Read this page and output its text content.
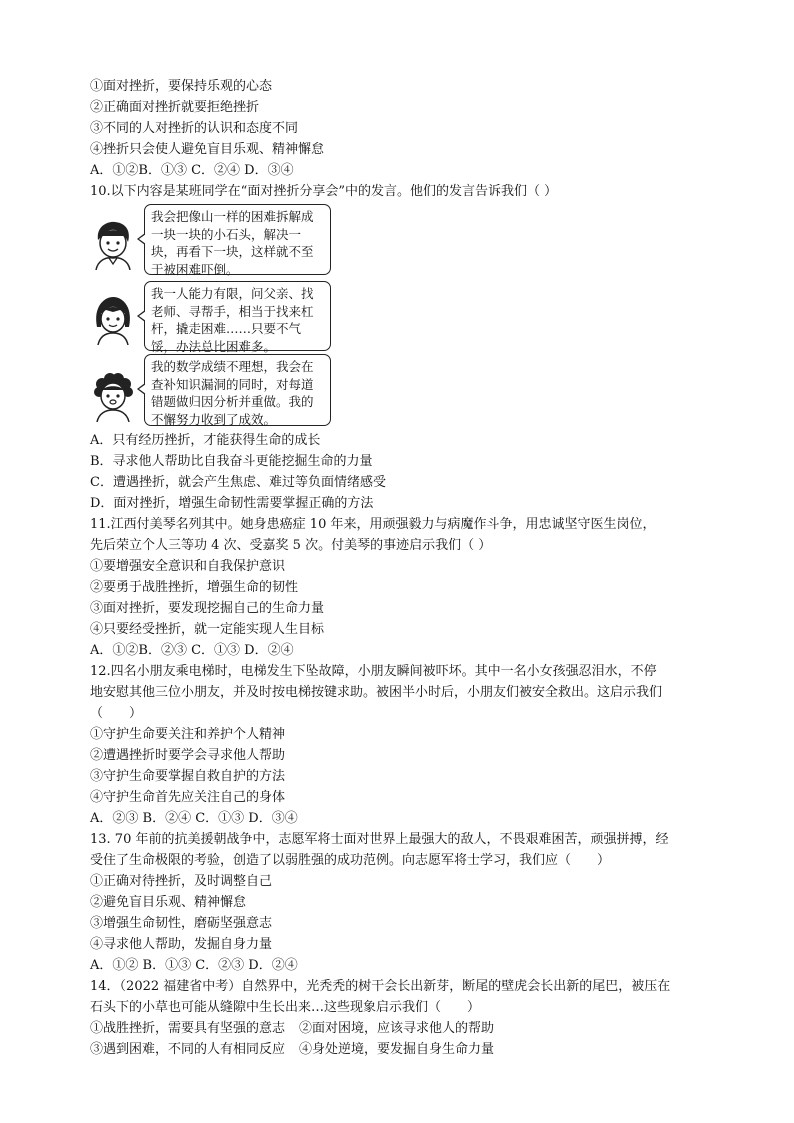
①面对挫折，要保持乐观的心态
②正确面对挫折就要拒绝挫折
③不同的人对挫折的认识和态度不同
④挫折只会使人避免盲目乐观、精神懈怠
A．①②B．①③ C．②④ D．③④
10.以下内容是某班同学在“面对挫折分享会”中的发言。他们的发言告诉我们（ ）
我会把像山一样的困难拆解成一块一块的小石头，解决一块，再看下一块，这样就不至于被困难吓倒。
我一人能力有限，问父亲、找老师、寻帮手，相当于找来杠杆，撬走困难……只要不气馁，办法总比困难多。
我的数学成绩不理想，我会在查补知识漏洞的同时，对每道错题做归因分析并重做。我的不懈努力收到了成效。
A．只有经历挫折，才能获得生命的成长
B．寻求他人帮助比自我奋斗更能挖掘生命的力量
C．遭遇挫折，就会产生焦虑、难过等负面情绪感受
D．面对挫折，增强生命韧性需要掌握正确的方法
11.江西付美琴名列其中。她身患癌症 10 年来，用顽强毅力与病魔作斗争，用忠诚坚守医生岗位，
先后荣立个人三等功 4 次、受嘉奖 5 次。付美琴的事迹启示我们（ ）
①要增强安全意识和自我保护意识
②要勇于战胜挫折，增强生命的韧性
③面对挫折，要发现挖掘自己的生命力量
④只要经受挫折，就一定能实现人生目标
A．①②B．②③ C．①③ D．②④
12.四名小朋友乘电梯时，电梯发生下坠故障，小朋友瞬间被吓坏。其中一名小女孩强忍泪水，不停
地安慰其他三位小朋友，并及时按电梯按键求助。被困半小时后，小朋友们被安全救出。这启示我们
（　　）
①守护生命要关注和养护个人精神
②遭遇挫折时要学会寻求他人帮助
③守护生命要掌握自救自护的方法
④守护生命首先应关注自己的身体
A．②③ B．②④ C．①③ D．③④
13. 70 年前的抗美援朝战争中，志愿军将士面对世界上最强大的敌人，不畏艰难困苦，顽强拼搏，经
受住了生命极限的考验，创造了以弱胜强的成功范例。向志愿军将士学习，我们应（　　）
①正确对待挫折，及时调整自己
②避免盲目乐观、精神懈怠
③增强生命韧性，磨砺坚强意志
④寻求他人帮助，发掘自身力量
A．①② B．①③ C．②③ D．②④
14．（2022 福建省中考）自然界中，光秃秃的树干会长出新芽，断尾的壁虎会长出新的尾巴，被压在
石头下的小草也可能从缝隙中生长出来…这些现象启示我们（　　）
①战胜挫折，需要具有坚强的意志 ②面对困境，应该寻求他人的帮助
③遇到困难，不同的人有相同反应 ④身处逆境，要发掘自身生命力量
